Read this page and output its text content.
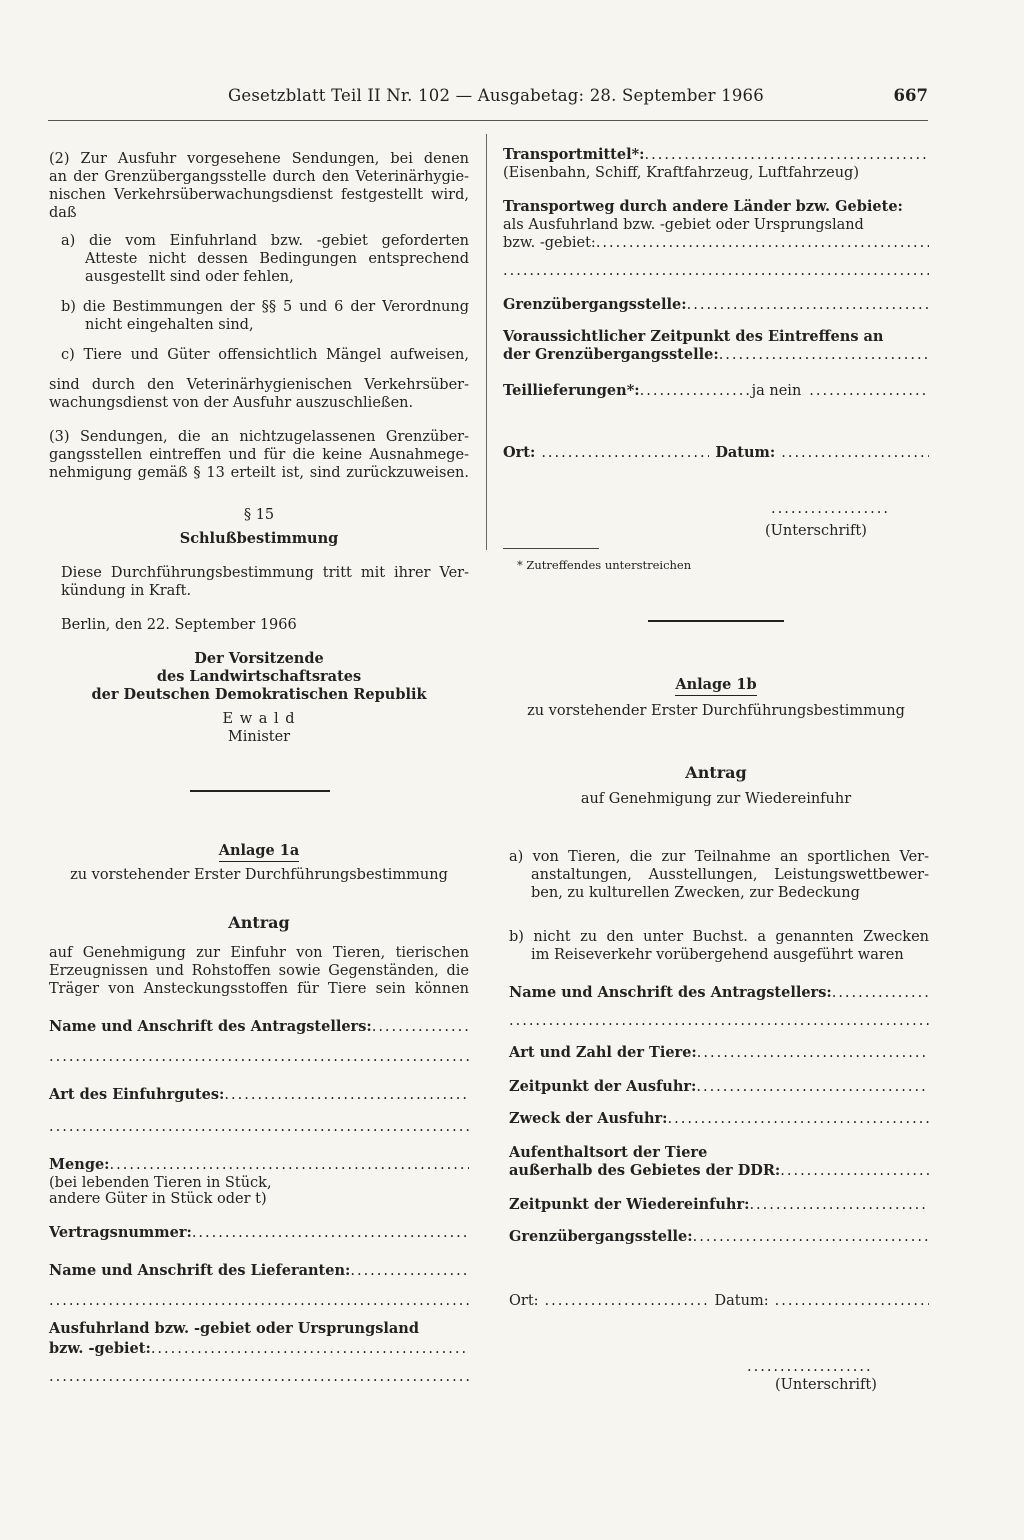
Gesetzblatt Teil II Nr. 102 — Ausgabetag: 28. September 1966	667

(2) Zur Ausfuhr vorgesehene Sendungen, bei denen

an der Grenzübergangsstelle durch den Veterinärhygie-

nischen Verkehrsüberwachungsdienst festgestellt wird,

daß

a) die vom Einfuhrland bzw. -gebiet geforderten

Atteste nicht dessen Bedingungen entsprechend

ausgestellt sind oder fehlen,

b) die Bestimmungen der §§ 5 und 6 der Verordnung

nicht eingehalten sind,

c) Tiere und Güter offensichtlich Mängel aufweisen,

sind durch den Veterinärhygienischen Verkehrsüber-

wachungsdienst von der Ausfuhr auszuschließen.

(3) Sendungen, die an nichtzugelassenen Grenzüber-

gangsstellen eintreffen und für die keine Ausnahmege-

nehmigung gemäß § 13 erteilt ist, sind zurückzuweisen.

§ 15
Schlußbestimmung

Diese Durchführungsbestimmung tritt mit ihrer Ver-

kündung in Kraft.

Berlin, den 22. September 1966

Der Vorsitzende

des Landwirtschaftsrates

der Deutschen Demokratischen Republik

E w a l d
Minister
Anlage 1a
zu vorstehender Erster Durchführungsbestimmung
Antrag

auf Genehmigung zur Einfuhr von Tieren, tierischen

Erzeugnissen und Rohstoffen sowie Gegenständen, die

Träger von Ansteckungsstoffen für Tiere sein können

Name und Anschrift des Antragstellers:
.....
.....
Art des Einfuhrgutes:
.....
.....
Menge:
.....
(bei lebenden Tieren in Stück,
andere Güter in Stück oder t)
Vertragsnummer:
.....
Name und Anschrift des Lieferanten:
.....
.....
Ausfuhrland bzw. -gebiet oder Ursprungsland
bzw. -gebiet:
.....
.....
Transportmittel*:
.....
(Eisenbahn, Schiff, Kraftfahrzeug, Luftfahrzeug)
Transportweg durch andere Länder bzw. Gebiete:
als Ausfuhrland bzw. -gebiet oder Ursprungsland
bzw. -gebiet:
.....
.....
Grenzübergangsstelle:
.....
Voraussichtlicher Zeitpunkt des Eintreffens an
der Grenzübergangsstelle:
.....
Teillieferungen*: .....	ja nein
.....
Ort: .....	Datum:
.....
.....
(Unterschrift)
* Zutreffendes unterstreichen
Anlage 1b
zu vorstehender Erster Durchführungsbestimmung
Antrag
auf Genehmigung zur Wiedereinfuhr

a) von Tieren, die zur Teilnahme an sportlichen Ver-

anstaltungen, Ausstellungen, Leistungswettbewer-

ben, zu kulturellen Zwecken, zur Bedeckung

b) nicht zu den unter Buchst. a genannten Zwecken

im Reiseverkehr vorübergehend ausgeführt waren

Name und Anschrift des Antragstellers:
.....
.....
Art und Zahl der Tiere:
.....
Zeitpunkt der Ausfuhr:
.....
Zweck der Ausfuhr:
.....
Aufenthaltsort der Tiere
außerhalb des Gebietes der DDR:
.....
Zeitpunkt der Wiedereinfuhr:
.....
Grenzübergangsstelle:
.....
Ort: .....	Datum:
.....
.....
(Unterschrift)
